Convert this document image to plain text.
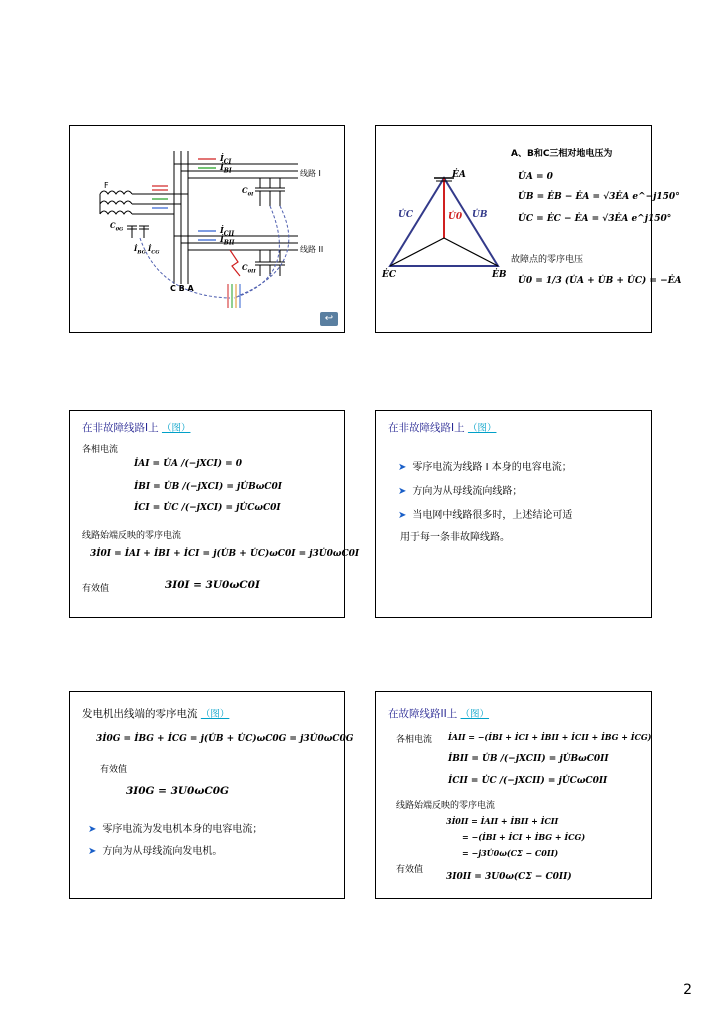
$İ_{CI}$
$İ_{BI}$	线路 I
$C_{0I}$
F
$C_{0G}$
$İ_{BG}$ $İ_{CG}$
$İ_{CII}$
$İ_{BII}$
线路 II
$C_{0II}$
C B A
↩
ĖA
U̇C	U̇B
U̇0
ĖC	ĖB
A、B和C三相对地电压为
U̇A = 0
U̇B = ĖB − ĖA = √3ĖA e^−j150°
U̇C = ĖC − ĖA = √3ĖA e^j150°
故障点的零序电压
U̇0 = 1/3 (U̇A + U̇B + U̇C) = −ĖA
在非故障线路I上 （图）
各相电流
İAI = U̇A /(−jXCI) = 0
İBI = U̇B /(−jXCI) = jU̇BωC0I
İCI = U̇C /(−jXCI) = jU̇CωC0I
线路始端反映的零序电流
3İ0I = İAI + İBI + İCI = j(U̇B + U̇C)ωC0I = j3U̇0ωC0I
有效值	3I0I = 3U0ωC0I
在非故障线路I上 （图）
➤ 零序电流为线路 I 本身的电容电流；
➤ 方向为从母线流向线路；
➤ 当电网中线路很多时，上述结论可适
用于每一条非故障线路。
发电机出线端的零序电流 （图）
3İ0G = İBG + İCG = j(U̇B + U̇C)ωC0G = j3U̇0ωC0G
有效值
3I0G = 3U0ωC0G
➤ 零序电流为发电机本身的电容电流；
➤ 方向为从母线流向发电机。
在故障线路II上 （图）
各相电流 İAII = −(İBI + İCI + İBII + İCII + İBG + İCG)
İBII = U̇B /(−jXCII) = jU̇BωC0II
İCII = U̇C /(−jXCII) = jU̇CωC0II
线路始端反映的零序电流
3İ0II = İAII + İBII + İCII
= −(İBI + İCI + İBG + İCG)
= −j3U̇0ω(CΣ − C0II)
有效值
3I0II = 3U0ω(CΣ − C0II)
2
